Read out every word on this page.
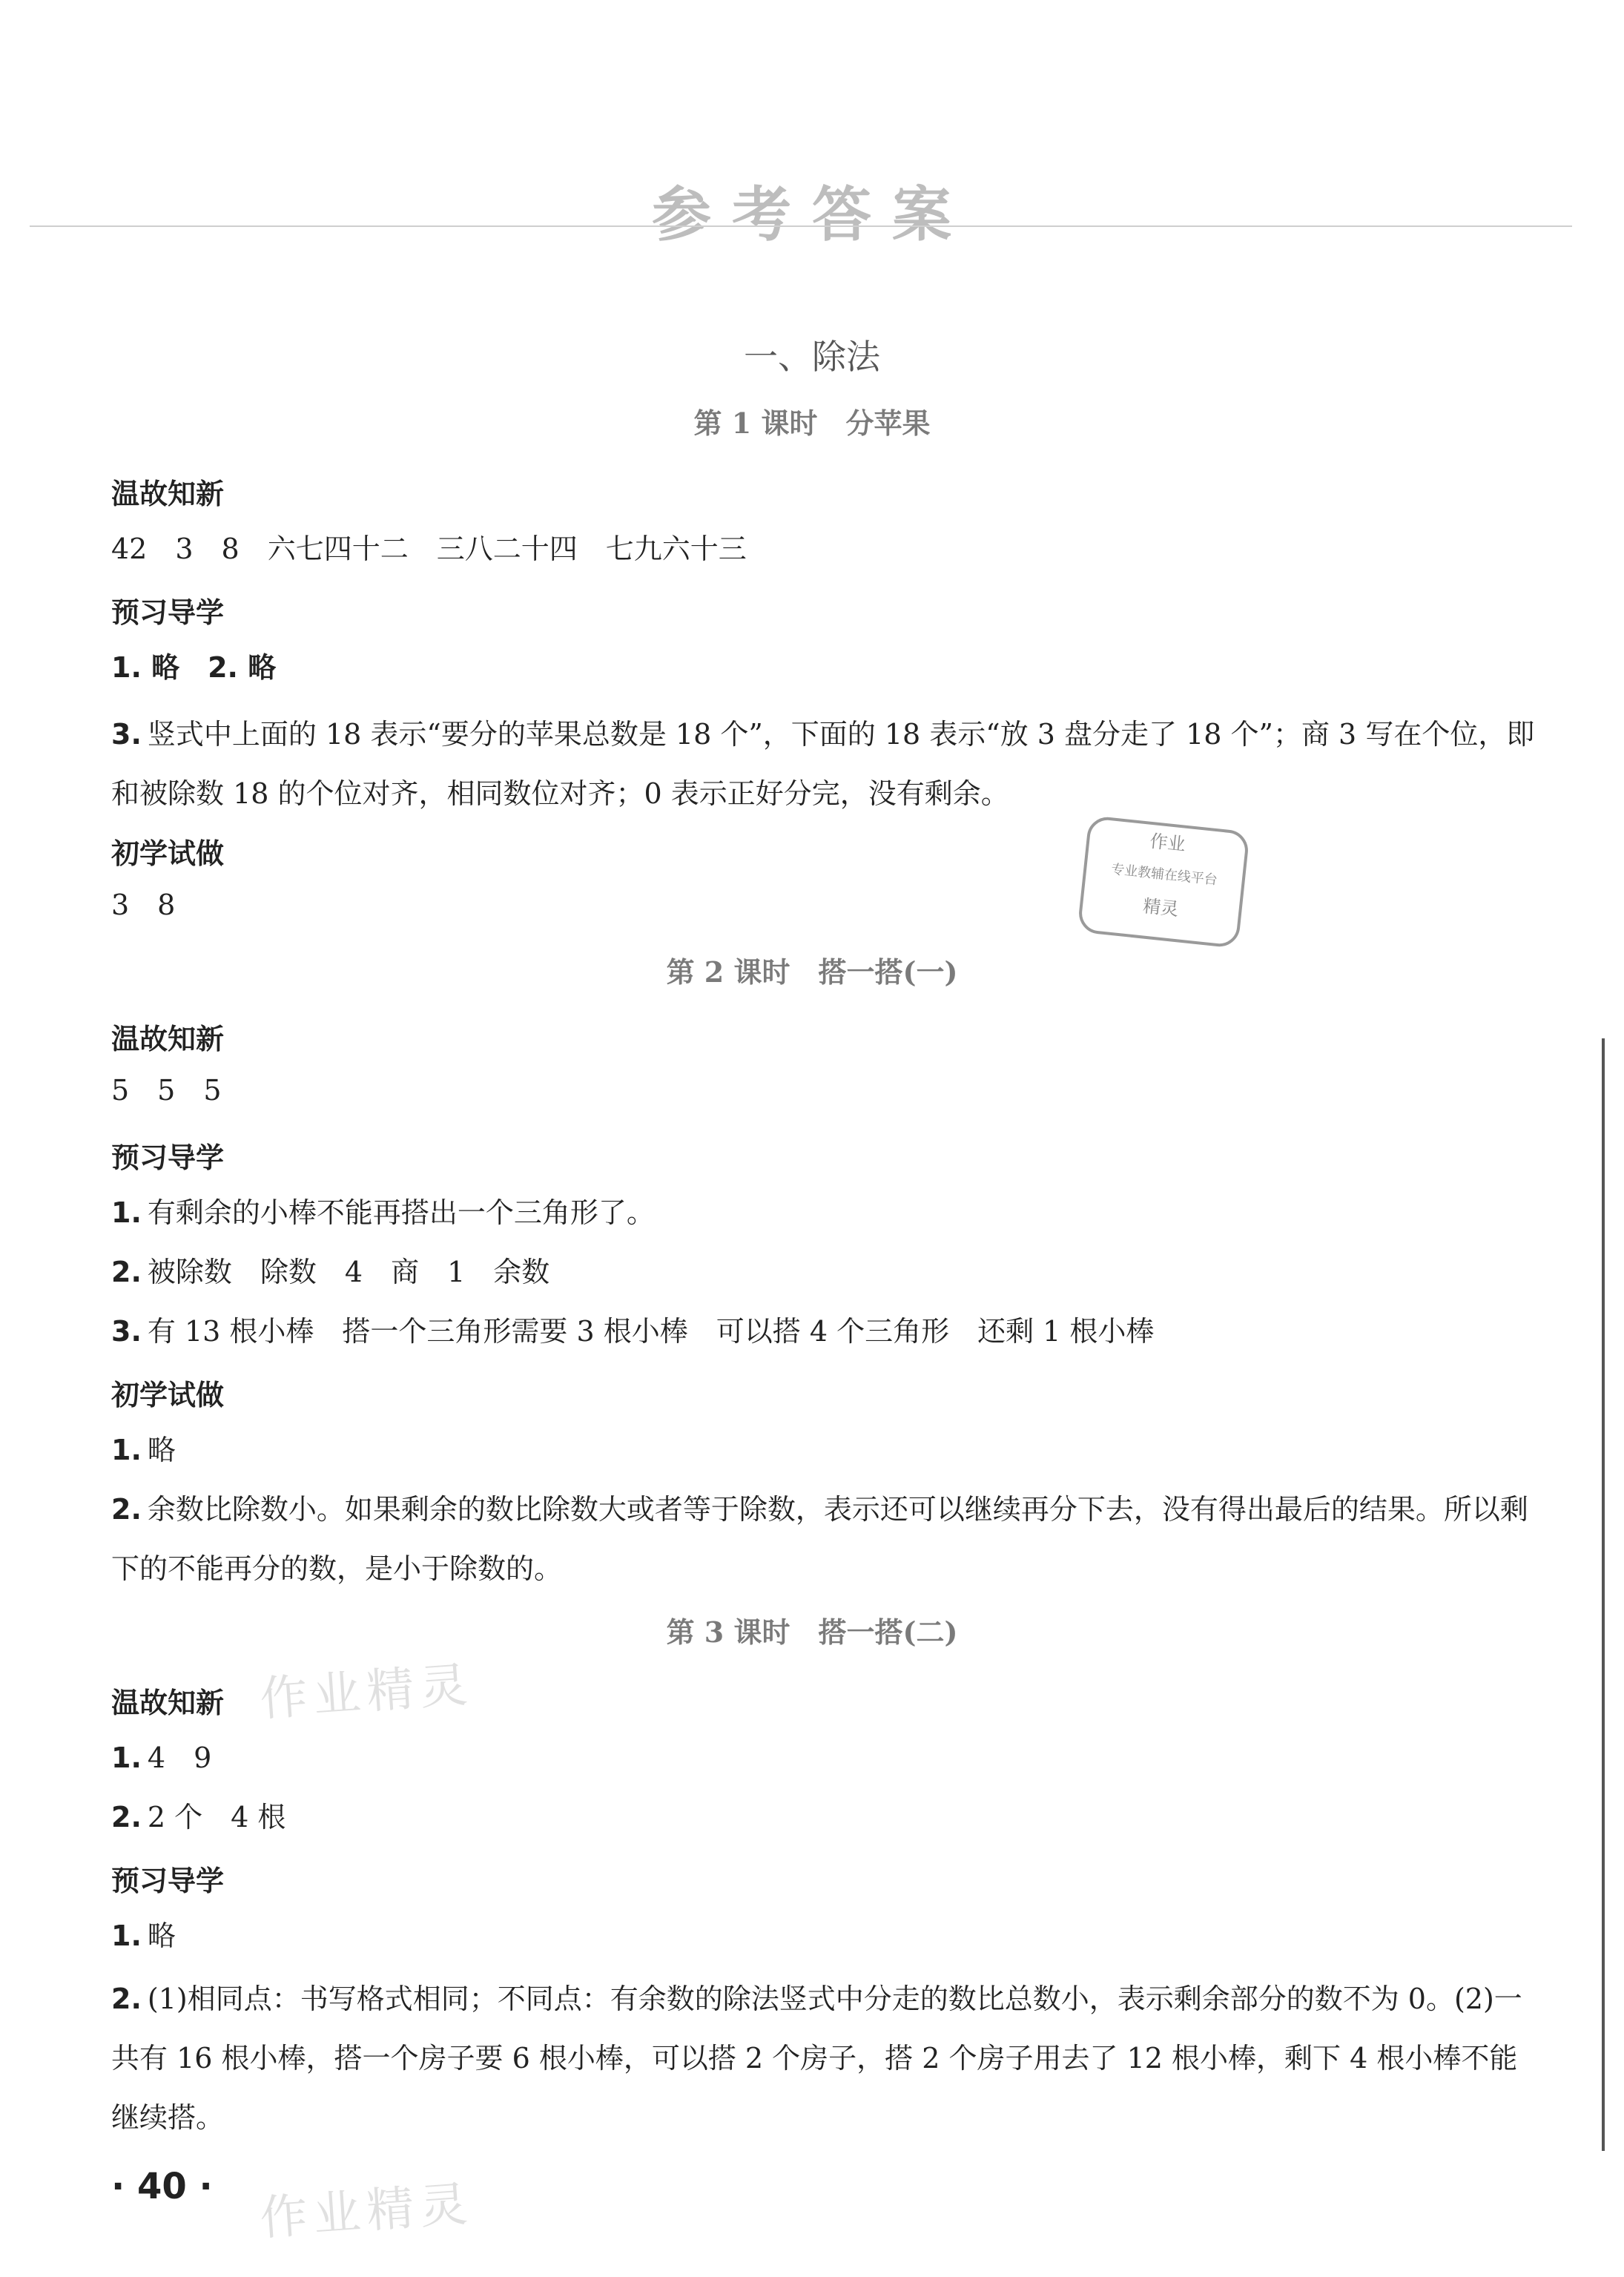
参考答案
一、除法
第 1 课时　分苹果
温故知新
42　3　8　六七四十二　三八二十四　七九六十三
预习导学
1. 略　2. 略
3. 竖式中上面的 18 表示“要分的苹果总数是 18 个”，下面的 18 表示“放 3 盘分走了 18 个”；商 3 写在个位，即和被除数 18 的个位对齐，相同数位对齐；0 表示正好分完，没有剩余。
初学试做
3　8
作业
专业教辅在线平台
精灵
第 2 课时　搭一搭(一)
温故知新
5　5　5
预习导学
1. 有剩余的小棒不能再搭出一个三角形了。
2. 被除数　除数　4　商　1　余数
3. 有 13 根小棒　搭一个三角形需要 3 根小棒　可以搭 4 个三角形　还剩 1 根小棒
初学试做
1. 略
2. 余数比除数小。如果剩余的数比除数大或者等于除数，表示还可以继续再分下去，没有得出最后的结果。所以剩下的不能再分的数，是小于除数的。
作业精灵
第 3 课时　搭一搭(二)
温故知新
1. 4　9
2. 2 个　4 根
预习导学
1. 略
2. (1)相同点：书写格式相同；不同点：有余数的除法竖式中分走的数比总数小，表示剩余部分的数不为 0。(2)一共有 16 根小棒，搭一个房子要 6 根小棒，可以搭 2 个房子，搭 2 个房子用去了 12 根小棒，剩下 4 根小棒不能继续搭。
· 40 · 作业精灵
